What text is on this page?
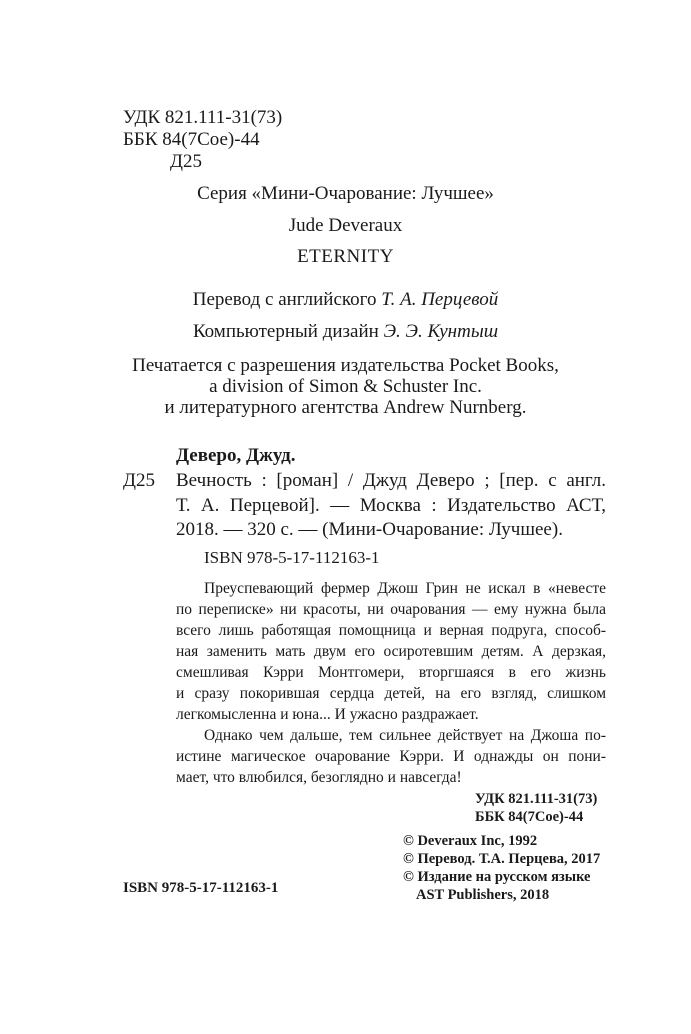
УДК 821.111-31(73)
ББК 84(7Сое)-44
Д25
Серия «Мини-Очарование: Лучшее»
Jude Deveraux
ETERNITY
Перевод с английского Т. А. Перцевой
Компьютерный дизайн Э. Э. Кунтыш
Печатается с разрешения издательства Pocket Books,
a division of Simon & Schuster Inc.
и литературного агентства Andrew Nurnberg.
Деверо, Джуд.
Д25 Вечность : [роман] / Джуд Деверо ; [пер. с англ.
Т. А. Перцевой]. — Москва : Издательство АСТ,
2018. — 320 с. — (Мини-Очарование: Лучшее).
ISBN 978-5-17-112163-1
Преуспевающий фермер Джош Грин не искал в «невесте
по переписке» ни красоты, ни очарования — ему нужна была
всего лишь работящая помощница и верная подруга, способ-
ная заменить мать двум его осиротевшим детям. А дерзкая,
смешливая Кэрри Монтгомери, вторгшаяся в его жизнь
и сразу покорившая сердца детей, на его взгляд, слишком
легкомысленна и юна... И ужасно раздражает.
Однако чем дальше, тем сильнее действует на Джоша по-
истине магическое очарование Кэрри. И однажды он пони-
мает, что влюбился, безоглядно и навсегда!
УДК 821.111-31(73)
ББК 84(7Сое)-44
ISBN 978-5-17-112163-1
© Deveraux Inc, 1992
© Перевод. Т.А. Перцева, 2017
© Издание на русском языке
AST Publishers, 2018
